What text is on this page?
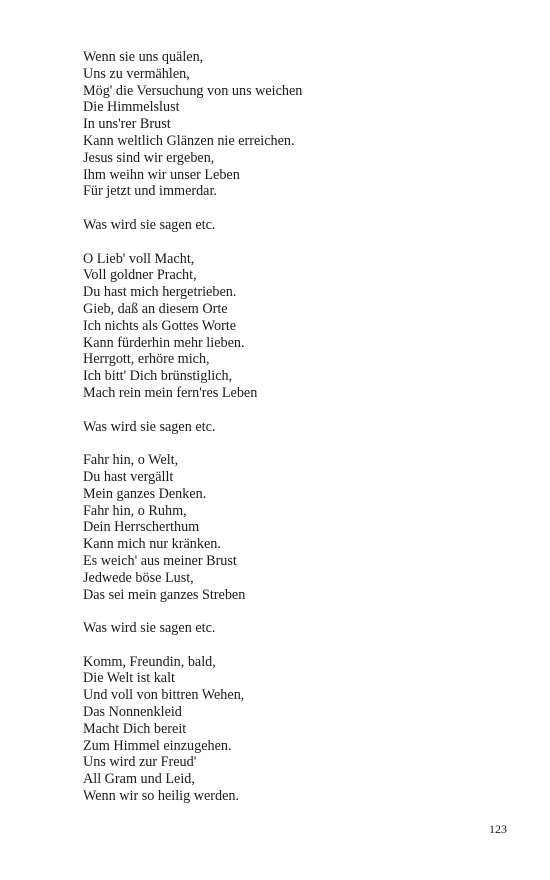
Wenn sie uns quälen,
Uns zu vermählen,
Mög' die Versuchung von uns weichen
Die Himmelslust
In uns'rer Brust
Kann weltlich Glänzen nie erreichen.
Jesus sind wir ergeben,
Ihm weihn wir unser Leben
Für jetzt und immerdar.
Was wird sie sagen etc.
O Lieb' voll Macht,
Voll goldner Pracht,
Du hast mich hergetrieben.
Gieb, daß an diesem Orte
Ich nichts als Gottes Worte
Kann fürderhin mehr lieben.
Herrgott, erhöre mich,
Ich bitt' Dich brünstiglich,
Mach rein mein fern'res Leben
Was wird sie sagen etc.
Fahr hin, o Welt,
Du hast vergällt
Mein ganzes Denken.
Fahr hin, o Ruhm,
Dein Herrscherthum
Kann mich nur kränken.
Es weich' aus meiner Brust
Jedwede böse Lust,
Das sei mein ganzes Streben
Was wird sie sagen etc.
Komm, Freundin, bald,
Die Welt ist kalt
Und voll von bittren Wehen,
Das Nonnenkleid
Macht Dich bereit
Zum Himmel einzugehen.
Uns wird zur Freud'
All Gram und Leid,
Wenn wir so heilig werden.
123
